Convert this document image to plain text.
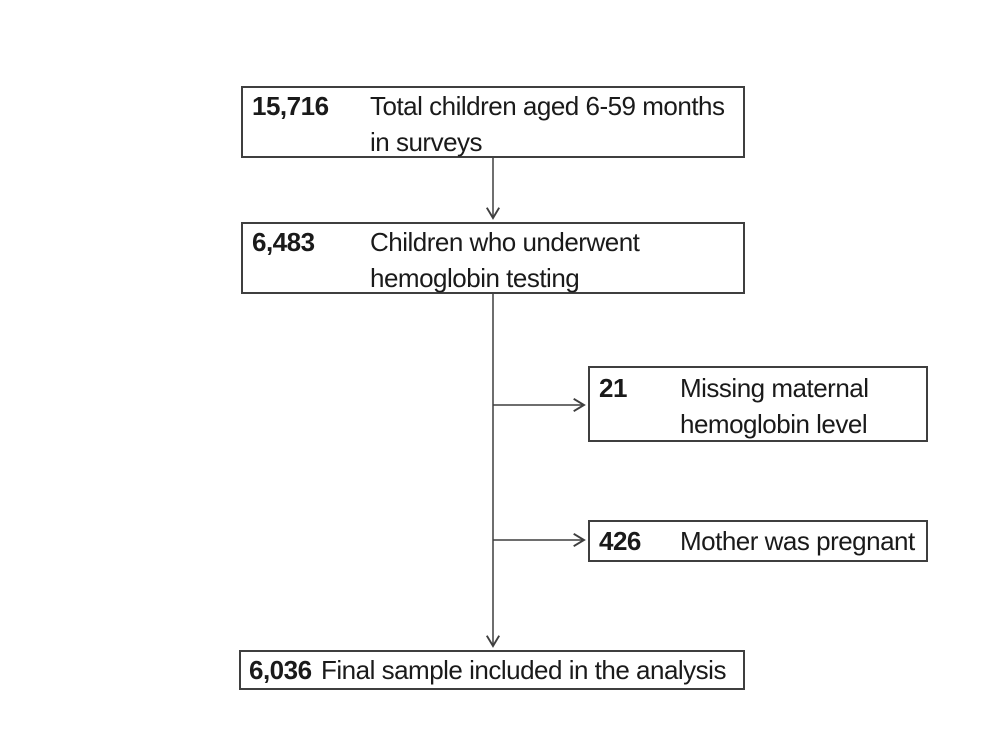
15,716	Total children aged 6-59 months
in surveys
6,483	Children who underwent
hemoglobin testing
21	Missing maternal
hemoglobin level
426	Mother was pregnant
6,036 Final sample included in the analysis
